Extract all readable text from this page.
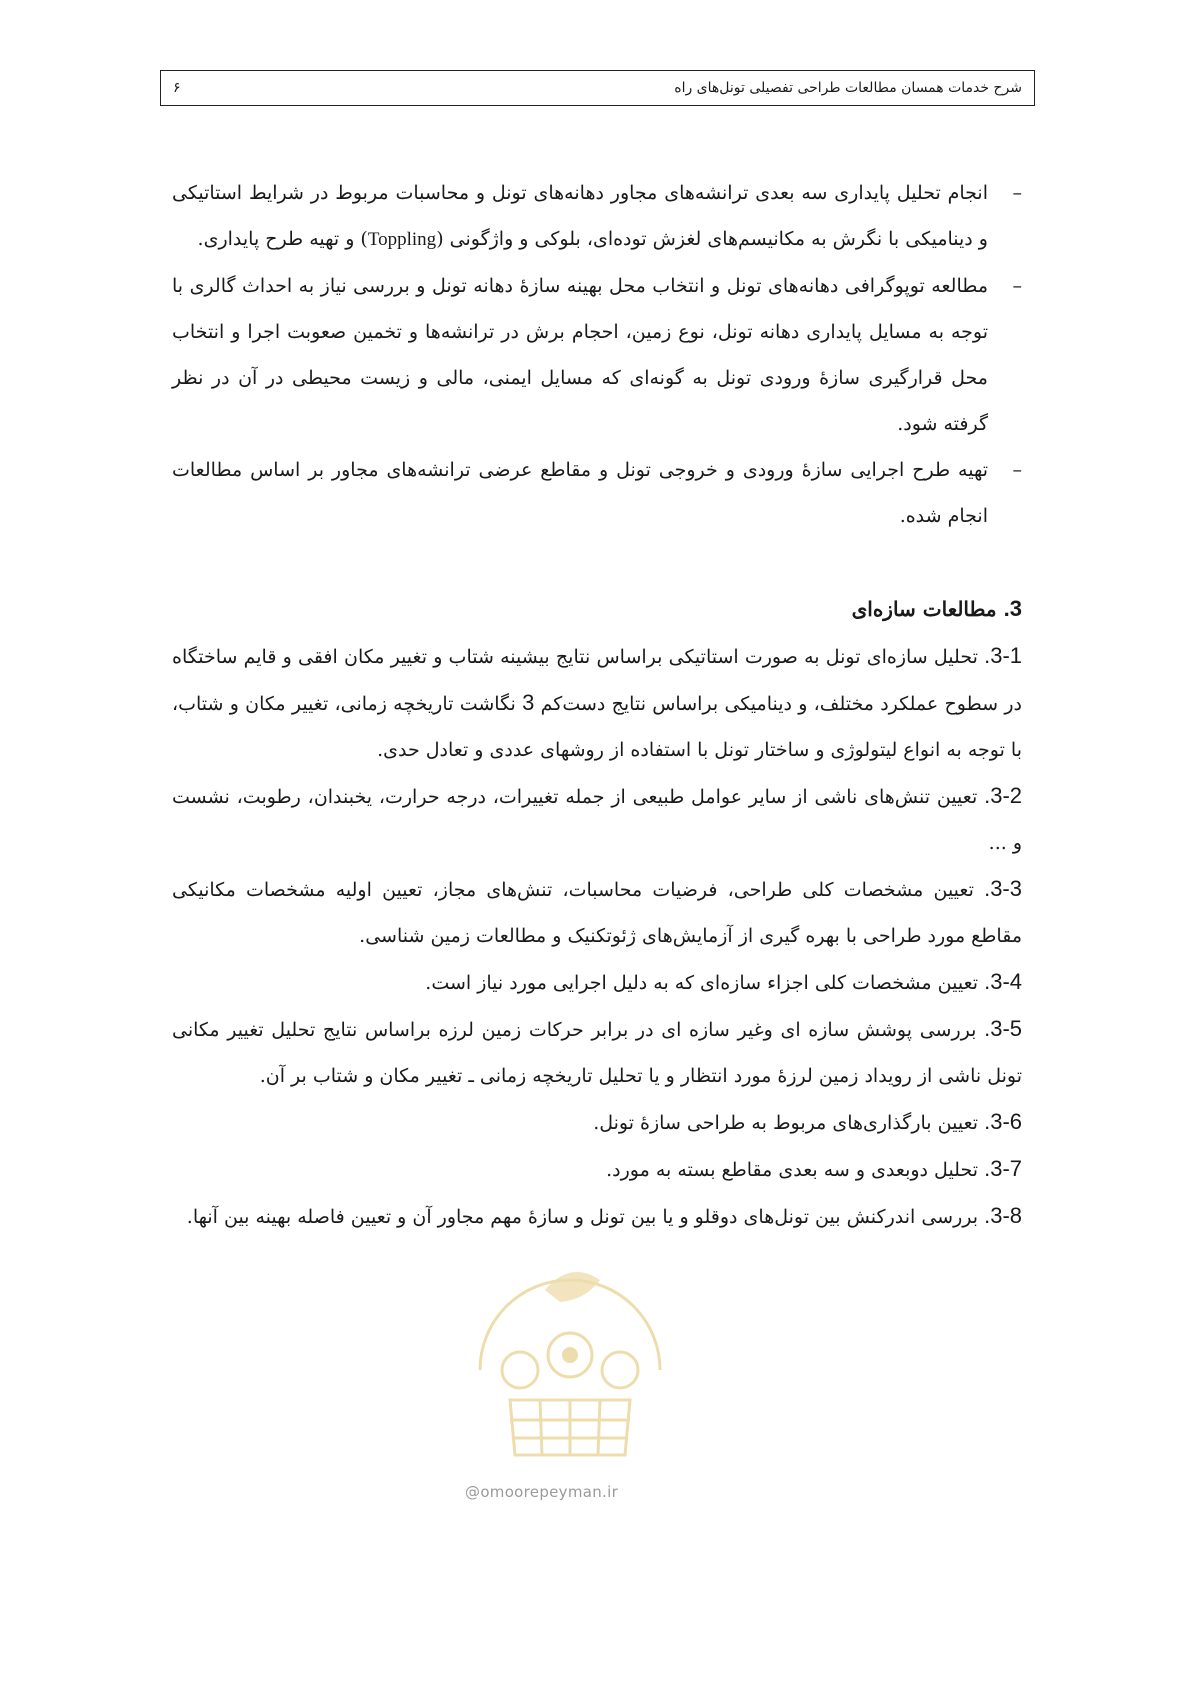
شرح خدمات همسان مطالعات طراحی تفصیلی تونل‌های راه
۶
–
انجام تحلیل پایداری سه بعدی ترانشه‌های مجاور دهانه‌های تونل و محاسبات مربوط در شرایط استاتیکی و دینامیکی با نگرش به مکانیسم‌های لغزش توده‌ای، بلوکی و واژگونی (Toppling) و تهیه طرح پایداری.
–
مطالعه توپوگرافی دهانه‌های تونل و انتخاب محل بهینه سازهٔ دهانه تونل و بررسی نیاز به احداث گالری با توجه به مسایل پایداری دهانه تونل، نوع زمین، احجام برش در ترانشه‌ها و تخمین صعوبت اجرا و انتخاب محل قرارگیری سازهٔ ورودی تونل به گونه‌ای که مسایل ایمنی، مالی و زیست محیطی در آن در نظر گرفته شود.
–
تهیه طرح اجرایی سازهٔ ورودی و خروجی تونل و مقاطع عرضی ترانشه‌های مجاور بر اساس مطالعات انجام شده.
3. مطالعات سازه‌ای
3-1. تحلیل سازه‌ای تونل به صورت استاتیکی براساس نتایج بیشینه شتاب و تغییر مکان افقی و قایم ساختگاه در سطوح عملکرد مختلف، و دینامیکی براساس نتایج دست‌کم 3 نگاشت تاریخچه زمانی، تغییر مکان و شتاب، با توجه به انواع لیتولوژی و ساختار تونل با استفاده از روشهای عددی و تعادل حدی.
3-2. تعیین تنش‌های ناشی از سایر عوامل طبیعی از جمله تغییرات، درجه حرارت، یخبندان، رطوبت، نشست و ...
3-3. تعیین مشخصات کلی طراحی، فرضیات محاسبات، تنش‌های مجاز، تعیین اولیه مشخصات مکانیکی مقاطع مورد طراحی با بهره گیری از آزمایش‌های ژئوتکنیک و مطالعات زمین شناسی.
3-4. تعیین مشخصات کلی اجزاء سازه‌ای که به دلیل اجرایی مورد نیاز است.
3-5. بررسی پوشش سازه ای وغیر سازه ای در برابر حرکات زمین لرزه براساس نتایج تحلیل تغییر مکانی تونل ناشی از رویداد زمین لرزهٔ مورد انتظار و یا تحلیل تاریخچه زمانی ـ تغییر مکان و شتاب بر آن.
3-6. تعیین بارگذاری‌های مربوط به طراحی سازهٔ تونل.
3-7. تحلیل دوبعدی و سه بعدی مقاطع بسته به مورد.
3-8. بررسی اندرکنش بین تونل‌های دوقلو و یا بین تونل و سازهٔ مهم مجاور آن و تعیین فاصله بهینه بین آنها.
@omoorepeyman.ir
